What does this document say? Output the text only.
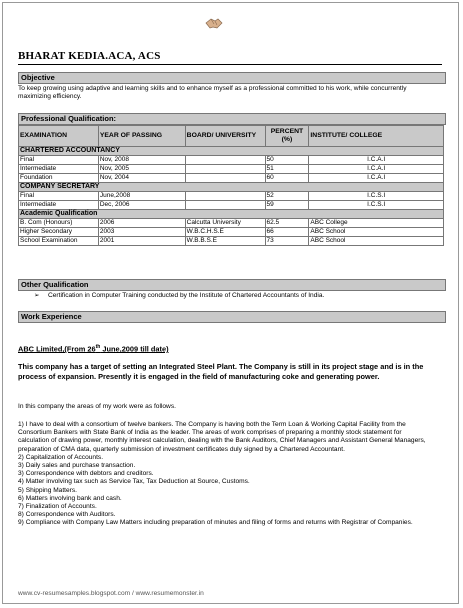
BHARAT KEDIA.ACA, ACS
Objective
To keep growing using adaptive and learning skills and to enhance myself as a professional committed to his work, while concurrently maximizing efficiency.
Professional Qualification:
EXAMINATION	YEAR OF PASSING	BOARD/ UNIVERSITY	PERCENT (%)	INSTITUTE/ COLLEGE
CHARTERED ACCOUNTANCY				
Final	Nov, 2008		50	I.C.A.I
Intermediate	Nov, 2005		51	I.C.A.I
Foundation	Nov, 2004		60	I.C.A.I
COMPANY SECRETARY				
Final	June,2008		52	I.C.S.I
Intermediate	Dec, 2006		59	I.C.S.I
Academic Qualification				
B. Com (Honours)	2006	Calcutta University	62.5	ABC College
Higher Secondary	2003	W.B.C.H.S.E	66	ABC School
School Examination	2001	W.B.B.S.E	73	ABC School
Other Qualification
➢ Certification in Computer Training conducted by the Institute of Chartered Accountants of India.
Work Experience
ABC Limited,(From 26th June,2009 till date)
This company has a target of setting an Integrated Steel Plant. The Company is still in its project stage and is in the process of expansion. Presently it is engaged in the field of manufacturing coke and generating power.
In this company the areas of my work were as follows.
1) I have to deal with a consortium of twelve bankers. The Company is having both the Term Loan & Working Capital Facility from the Consortium Bankers with State Bank of India as the leader. The areas of work comprises of preparing a monthly stock statement for calculation of drawing power, monthly interest calculation, dealing with the Bank Auditors, Chief Managers and Assistant General Managers, preparation of CMA data, quarterly submission of investment certificates duly signed by a Chartered Accountant.
2) Capitalization of Accounts.
3) Daily sales and purchase transaction.
3) Correspondence with debtors and creditors.
4) Matter involving tax such as Service Tax, Tax Deduction at Source, Customs.
5) Shipping Matters.
6) Matters involving bank and cash.
7) Finalization of Accounts.
8) Correspondence with Auditors.
9) Compliance with Company Law Matters including preparation of minutes and filing of forms and returns with Registrar of Companies.
www.cv-resumesamples.blogspot.com / www.resumemonster.in
